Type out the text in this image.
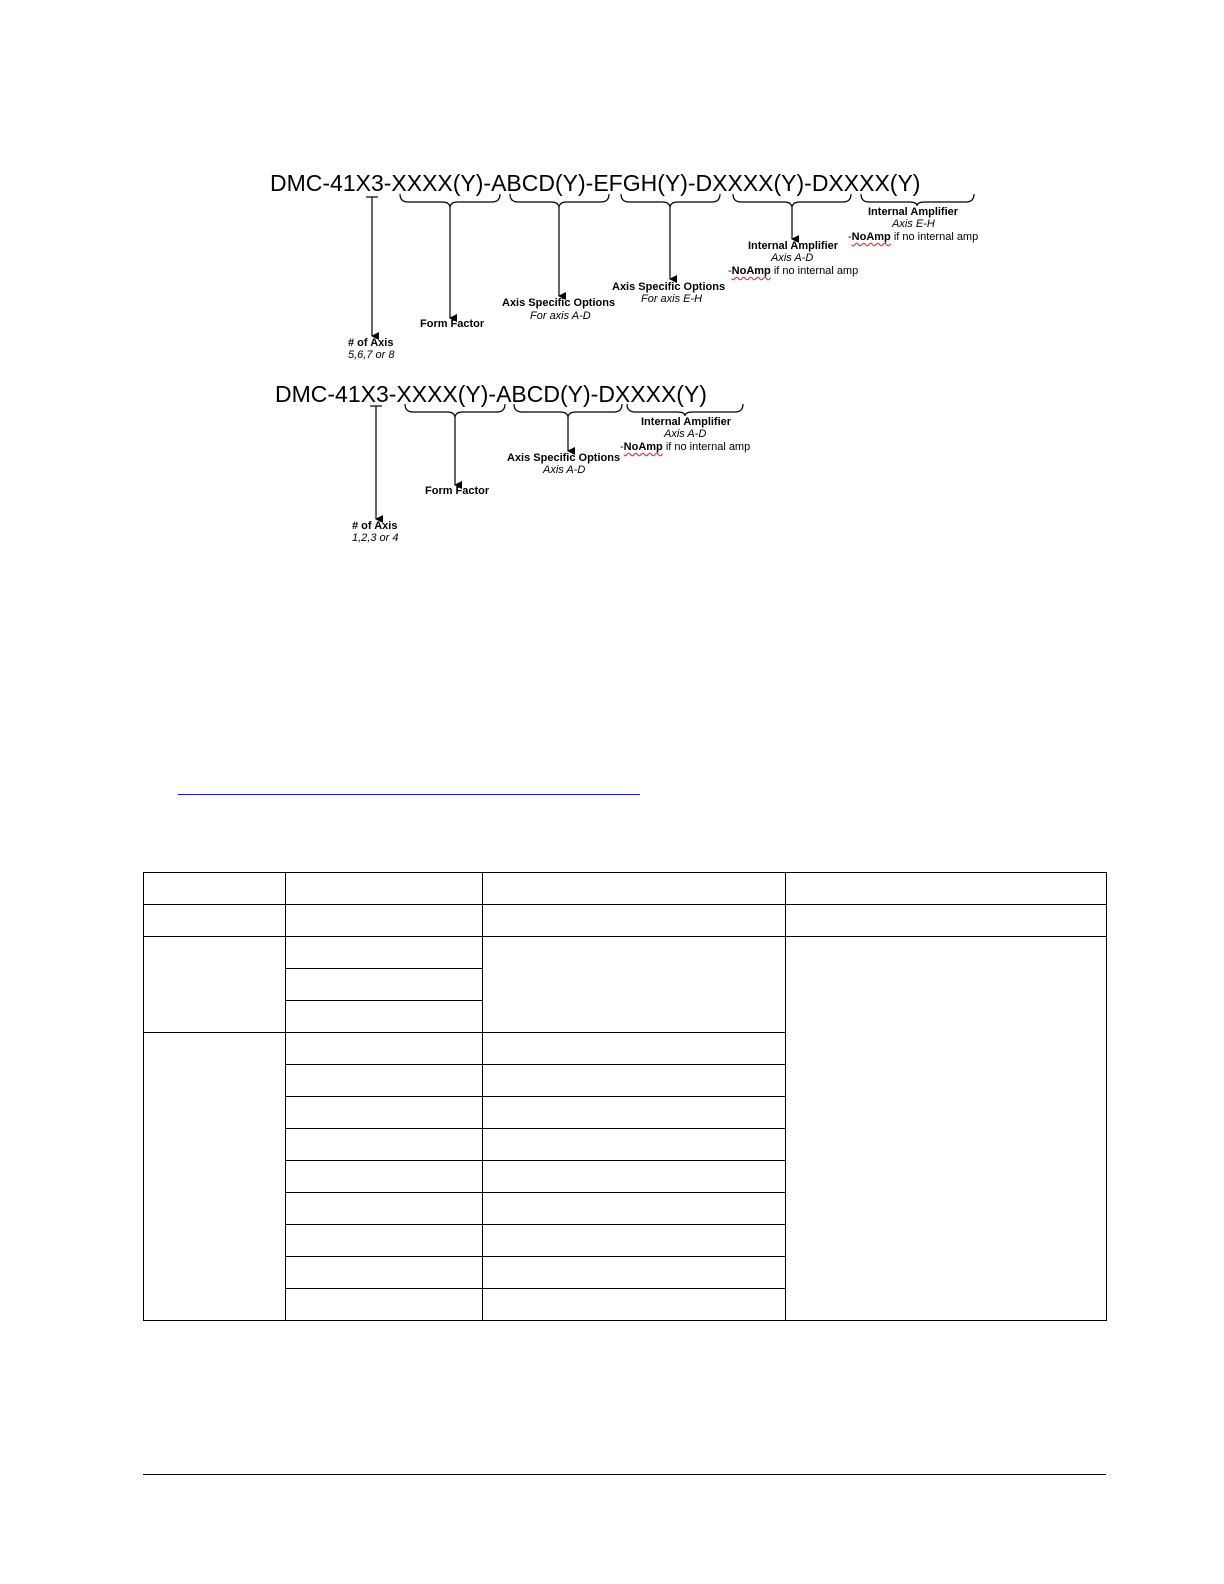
DMC-41X3-XXXX(Y)-ABCD(Y)-EFGH(Y)-DXXXX(Y)-DXXXX(Y)
Internal Amplifier
Axis E-H
-NoAmp if no internal amp
Internal Amplifier
Axis A-D
-NoAmp if no internal amp
Axis Specific Options
For axis E-H
Axis Specific Options
For axis A-D
Form Factor
# of Axis
5,6,7 or 8
DMC-41X3-XXXX(Y)-ABCD(Y)-DXXXX(Y)
Internal Amplifier
Axis A-D
-NoAmp if no internal amp
Axis Specific Options
Axis A-D
Form Factor
# of Axis
1,2,3 or 4
